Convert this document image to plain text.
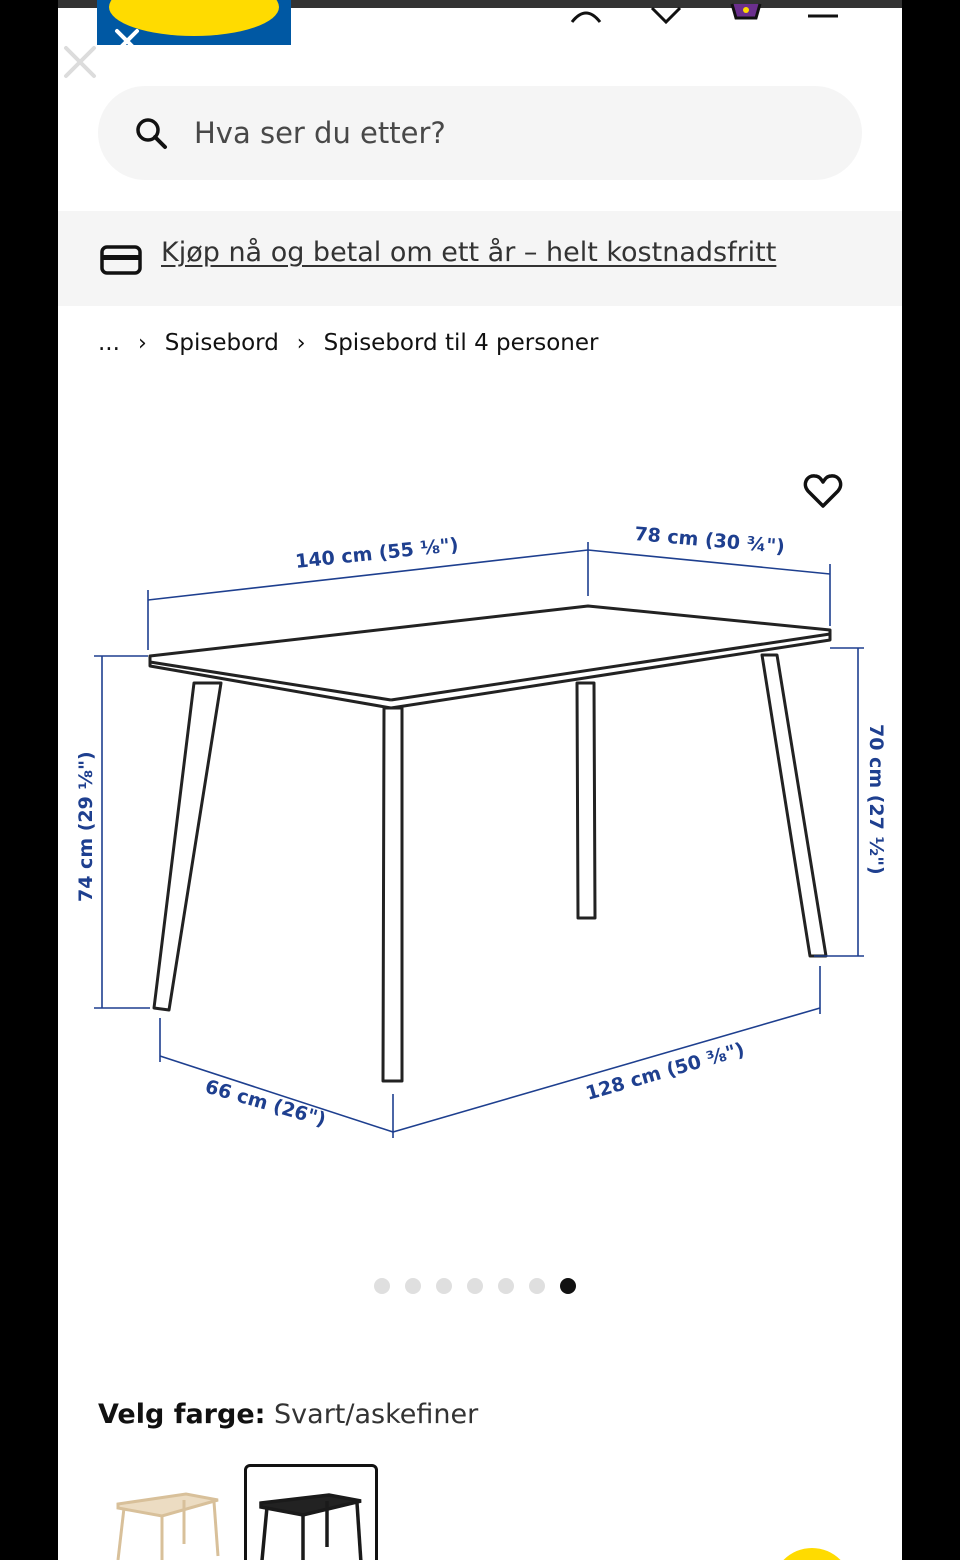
Hva ser du etter?
Kjøp nå og betal om ett år – helt kostnadsfritt
... › Spisebord › Spisebord til 4 personer
140 cm (55 ⅛")	78 cm (30 ¾")
74 cm (29 ⅛")	70 cm (27 ½")
66 cm (26")	128 cm (50 ⅜")
Velg farge: Svart/askefiner
